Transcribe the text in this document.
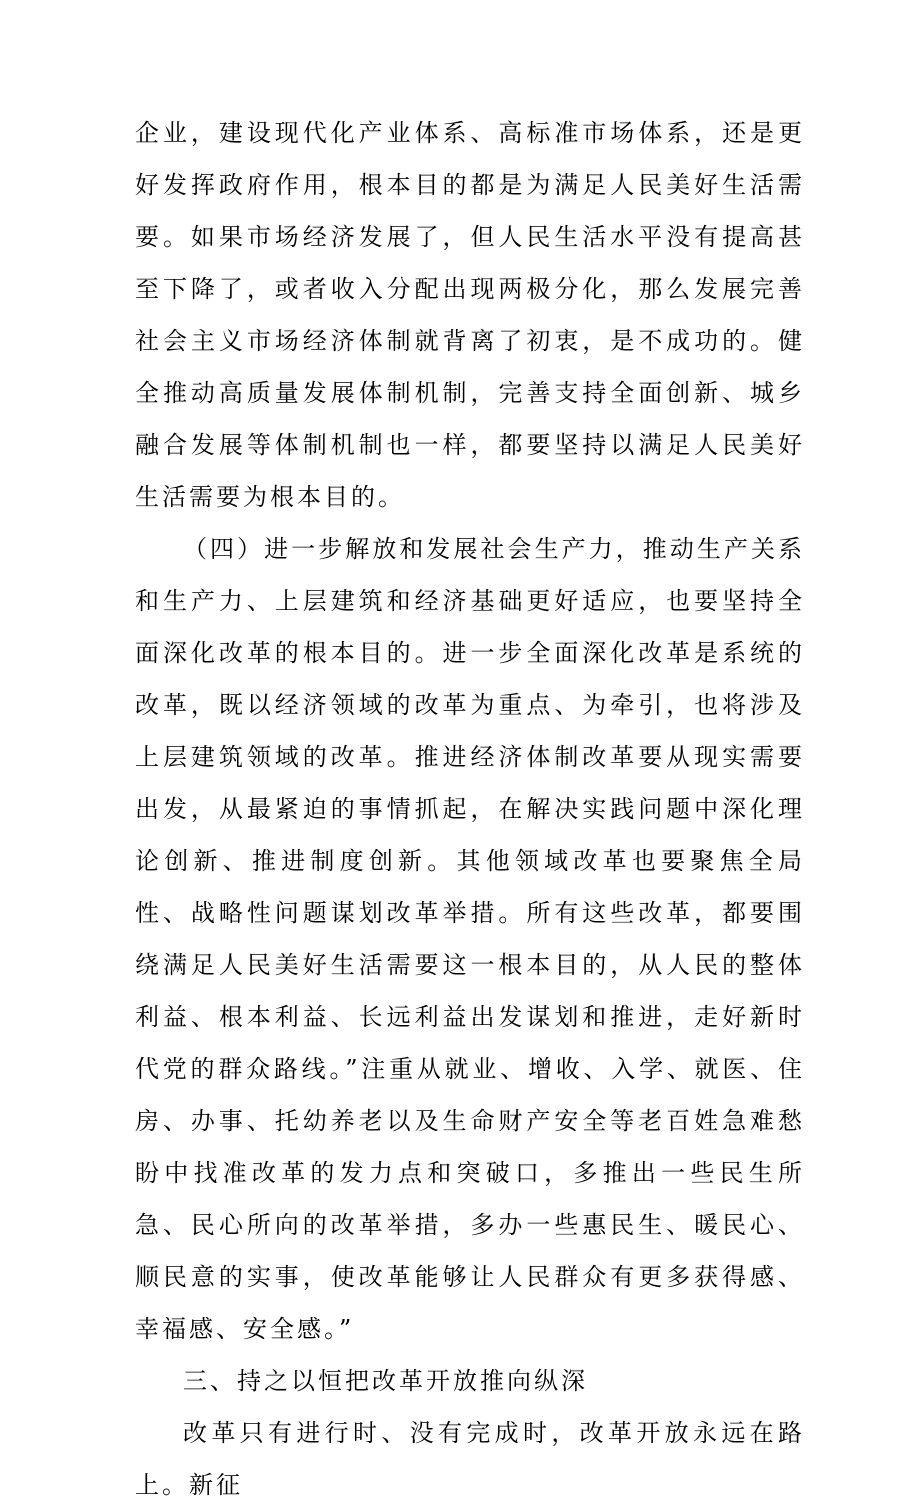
企业，建设现代化产业体系、高标准市场体系，还是更好发挥政府作用，根本目的都是为满足人民美好生活需要。如果市场经济发展了，但人民生活水平没有提高甚至下降了，或者收入分配出现两极分化，那么发展完善社会主义市场经济体制就背离了初衷，是不成功的。健全推动高质量发展体制机制，完善支持全面创新、城乡融合发展等体制机制也一样，都要坚持以满足人民美好生活需要为根本目的。

（四）进一步解放和发展社会生产力，推动生产关系和生产力、上层建筑和经济基础更好适应，也要坚持全面深化改革的根本目的。进一步全面深化改革是系统的改革，既以经济领域的改革为重点、为牵引，也将涉及上层建筑领域的改革。推进经济体制改革要从现实需要出发，从最紧迫的事情抓起，在解决实践问题中深化理论创新、推进制度创新。其他领域改革也要聚焦全局性、战略性问题谋划改革举措。所有这些改革，都要围绕满足人民美好生活需要这一根本目的，从人民的整体利益、根本利益、长远利益出发谋划和推进，走好新时代党的群众路线。”注重从就业、增收、入学、就医、住房、办事、托幼养老以及生命财产安全等老百姓急难愁盼中找准改革的发力点和突破口，多推出一些民生所急、民心所向的改革举措，多办一些惠民生、暖民心、顺民意的实事，使改革能够让人民群众有更多获得感、幸福感、安全感。”

三、持之以恒把改革开放推向纵深

改革只有进行时、没有完成时，改革开放永远在路上。新征
